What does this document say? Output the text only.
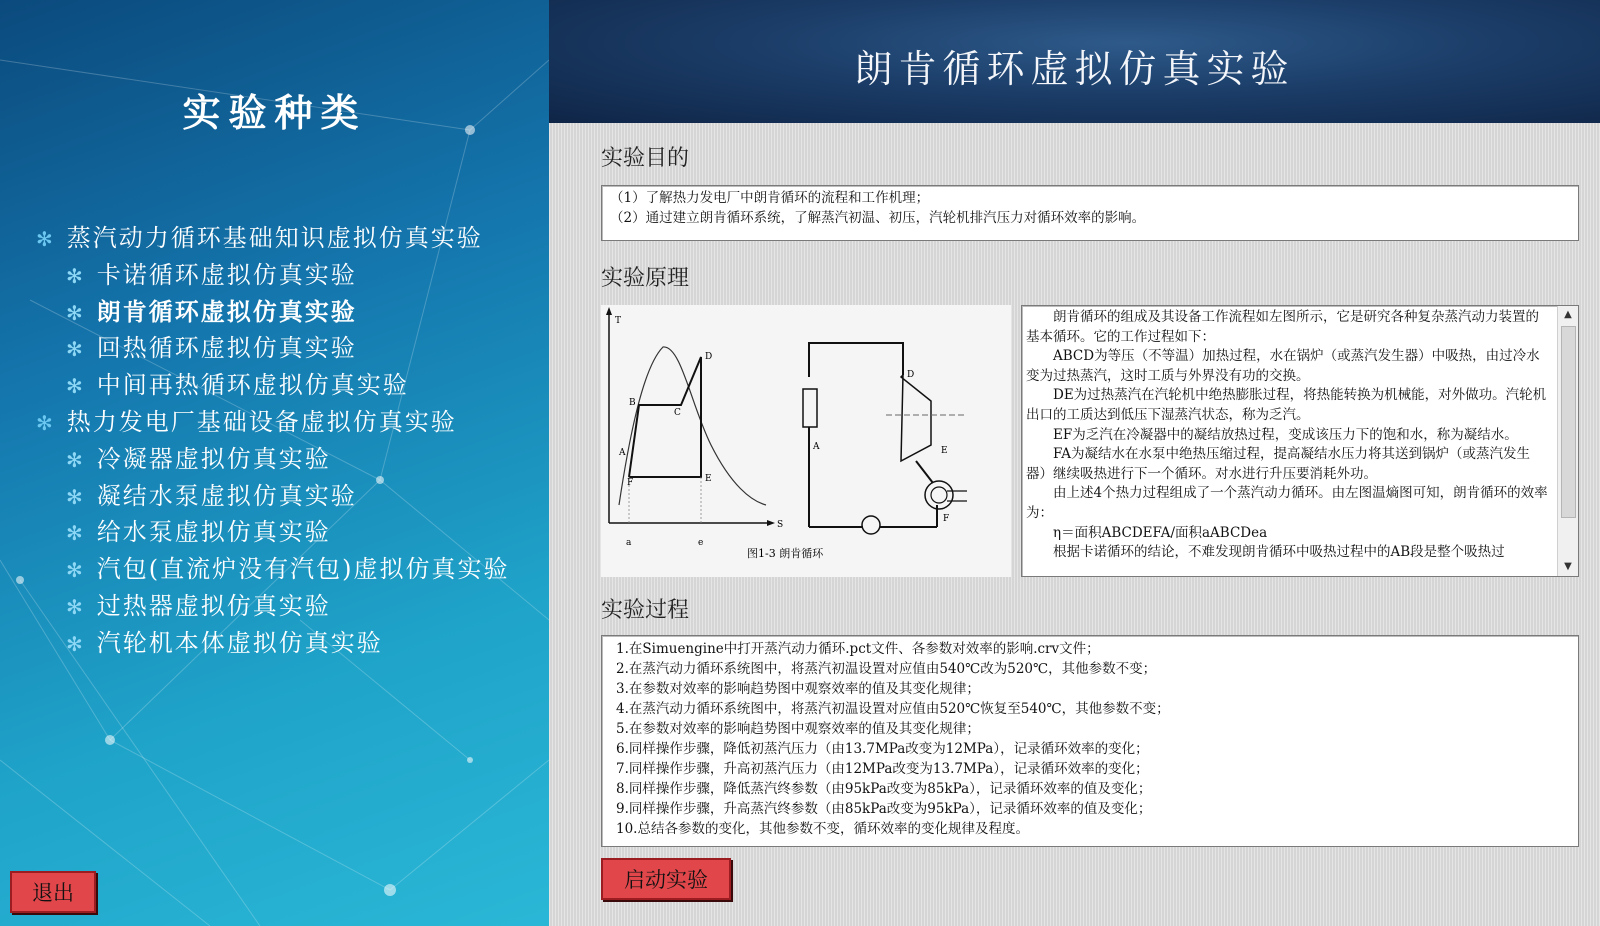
实验种类
✻ 蒸汽动力循环基础知识虚拟仿真实验
✻ 卡诺循环虚拟仿真实验
✻ 朗肯循环虚拟仿真实验
✻ 回热循环虚拟仿真实验
✻ 中间再热循环虚拟仿真实验
✻ 热力发电厂基础设备虚拟仿真实验
✻ 冷凝器虚拟仿真实验
✻ 凝结水泵虚拟仿真实验
✻ 给水泵虚拟仿真实验
✻ 汽包(直流炉没有汽包)虚拟仿真实验
✻ 过热器虚拟仿真实验
✻ 汽轮机本体虚拟仿真实验
退出
朗肯循环虚拟仿真实验
实验目的
（1）了解热力发电厂中朗肯循环的流程和工作机理；
（2）通过建立朗肯循环系统，了解蒸汽初温、初压，汽轮机排汽压力对循环效率的影响。
实验原理
T
S
A
B
C
D
E
F
a	e
A
D
E
F
图1-3 朗肯循环
　　朗肯循环的组成及其设备工作流程如左图所示，它是研究各种复杂蒸汽动力装置的基本循环。它的工作过程如下：
　　ABCD为等压（不等温）加热过程，水在锅炉（或蒸汽发生器）中吸热，由过冷水变为过热蒸汽，这时工质与外界没有功的交换。
　　DE为过热蒸汽在汽轮机中绝热膨胀过程，将热能转换为机械能，对外做功。汽轮机出口的工质达到低压下湿蒸汽状态，称为乏汽。
　　EF为乏汽在冷凝器中的凝结放热过程，变成该压力下的饱和水，称为凝结水。
　　FA为凝结水在水泵中绝热压缩过程，提高凝结水压力将其送到锅炉（或蒸汽发生器）继续吸热进行下一个循环。对水进行升压要消耗外功。
　　由上述4个热力过程组成了一个蒸汽动力循环。由左图温熵图可知，朗肯循环的效率为：
　　η＝面积ABCDEFA/面积aABCDea
　　根据卡诺循环的结论，不难发现朗肯循环中吸热过程中的AB段是整个吸热过
▲
▼
实验过程
1.在Simuengine中打开蒸汽动力循环.pct文件、各参数对效率的影响.crv文件；
2.在蒸汽动力循环系统图中，将蒸汽初温设置对应值由540℃改为520℃，其他参数不变；
3.在参数对效率的影响趋势图中观察效率的值及其变化规律；
4.在蒸汽动力循环系统图中，将蒸汽初温设置对应值由520℃恢复至540℃，其他参数不变；
5.在参数对效率的影响趋势图中观察效率的值及其变化规律；
6.同样操作步骤，降低初蒸汽压力（由13.7MPa改变为12MPa），记录循环效率的变化；
7.同样操作步骤，升高初蒸汽压力（由12MPa改变为13.7MPa），记录循环效率的变化；
8.同样操作步骤，降低蒸汽终参数（由95kPa改变为85kPa），记录循环效率的值及变化；
9.同样操作步骤，升高蒸汽终参数（由85kPa改变为95kPa），记录循环效率的值及变化；
10.总结各参数的变化，其他参数不变，循环效率的变化规律及程度。
启动实验
